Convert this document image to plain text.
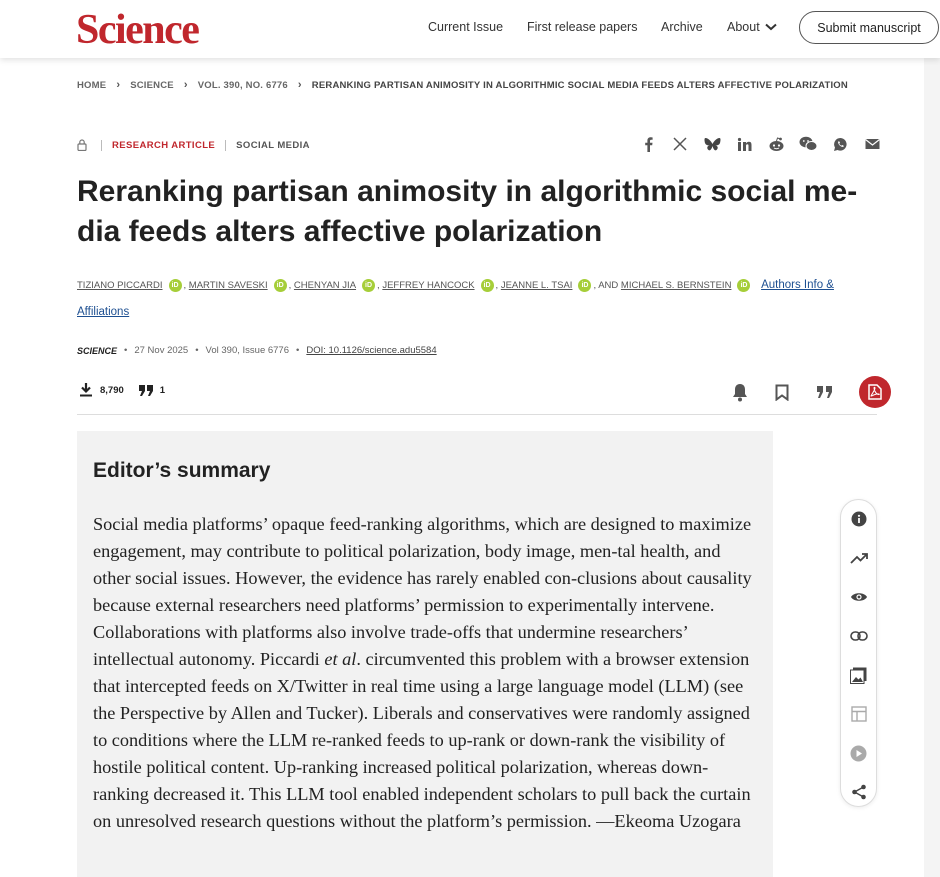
Science	Current Issue First release papers Archive About	Submit manuscript
HOME › SCIENCE › VOL. 390, NO. 6776 › RERANKING PARTISAN ANIMOSITY IN ALGORITHMIC SOCIAL MEDIA FEEDS ALTERS AFFECTIVE POLARIZATION
RESEARCH ARTICLE SOCIAL MEDIA
Reranking partisan animosity in algorithmic social me-dia feeds alters affective polarization
TIZIANO PICCARDI iD , MARTIN SAVESKI iD , CHENYAN JIA iD , JEFFREY HANCOCK iD , JEANNE L. TSAI iD , AND MICHAEL S. BERNSTEIN iD Authors Info & Affiliations
SCIENCE • 27 Nov 2025 • Vol 390, Issue 6776 • DOI: 10.1126/science.adu5584
8,790	1
Editor’s summary

Social media platforms’ opaque feed-ranking algorithms, which are designed to maximize engagement, may contribute to political polarization, body image, men-tal health, and other social issues. However, the evidence has rarely enabled con-clusions about causality because external researchers need platforms’ permission to experimentally intervene. Collaborations with platforms also involve trade-offs that undermine researchers’ intellectual autonomy. Piccardi et al. circumvented this problem with a browser extension that intercepted feeds on X/Twitter in real time using a large language model (LLM) (see the Perspective by Allen and Tucker). Liberals and conservatives were randomly assigned to conditions where the LLM re-ranked feeds to up-rank or down-rank the visibility of hostile political content. Up-ranking increased political polarization, whereas down-ranking decreased it. This LLM tool enabled independent scholars to pull back the curtain on unresolved research questions without the platform’s permission. —Ekeoma Uzogara
